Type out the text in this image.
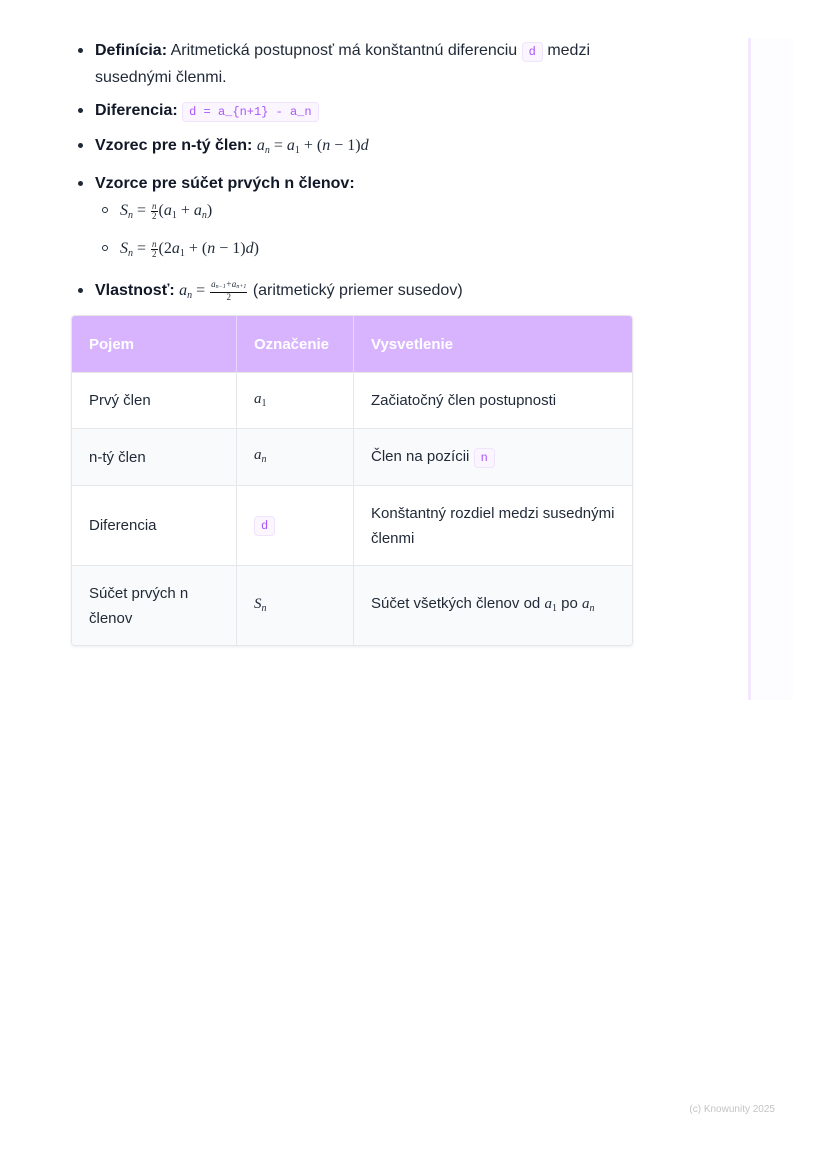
Definícia: Aritmetická postupnosť má konštantnú diferenciu d medzi susednými členmi.
Diferencia: d = a_{n+1} - a_n
Vzorec pre n-tý člen: $a_n = a_1 + (n - 1)d$
Vzorce pre súčet prvých n členov:
$S_n = \frac{n}{2} (a_1 + a_n)$
$S_n = \frac{n}{2} (2a_1 + (n - 1)d)$
Vlastnosť: $a_n = \frac{a_{n-1}+a_{n+1}}{2}$ (aritmetický priemer susedov)
Pojem	Označenie	Vysvetlenie
Prvý člen	$a_1$	Začiatočný člen postupnosti
n-tý člen	$a_n$	Člen na pozícii n
Diferencia	d	Konštantný rozdiel medzi susednými členmi
Súčet prvých n členov	$S_n$	Súčet všetkých členov od $a_1$ po $a_n$
(c) Knowunity 2025
